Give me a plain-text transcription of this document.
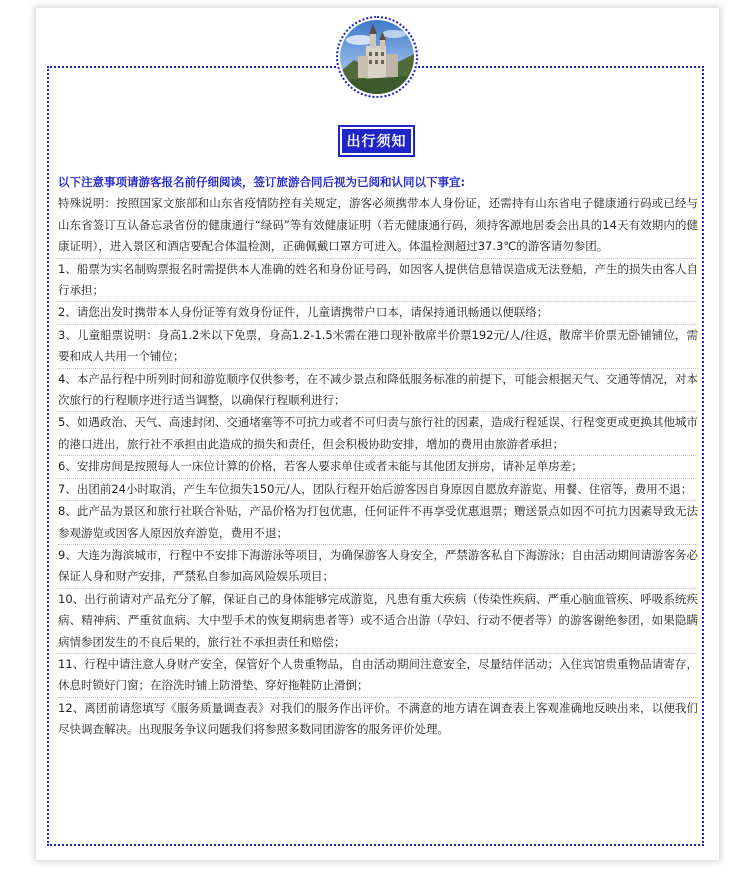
出行须知

以下注意事项请游客报名前仔细阅读，签订旅游合同后视为已阅和认同以下事宜:

特殊说明：按照国家文旅部和山东省疫情防控有关规定，游客必须携带本人身份证，还需持有山东省电子健康通行码或已经与山东省签订互认备忘录省份的健康通行“绿码”等有效健康证明（若无健康通行码，须持客源地居委会出具的14天有效期内的健康证明），进入景区和酒店要配合体温检测，正确佩戴口罩方可进入。体温检测超过37.3℃的游客请勿参团。

1、船票为实名制购票报名时需提供本人准确的姓名和身份证号码，如因客人提供信息错误造成无法登船，产生的损失由客人自行承担；

2、请您出发时携带本人身份证等有效身份证件，儿童请携带户口本，请保持通讯畅通以便联络；

3、儿童船票说明：身高1.2米以下免票，身高1.2-1.5米需在港口现补散席半价票192元/人/往返，散席半价票无卧铺铺位，需要和成人共用一个铺位；

4、本产品行程中所列时间和游览顺序仅供参考，在不减少景点和降低服务标准的前提下，可能会根据天气、交通等情况，对本次旅行的行程顺序进行适当调整，以确保行程顺利进行；

5、如遇政治、天气、高速封闭、交通堵塞等不可抗力或者不可归责与旅行社的因素，造成行程延误、行程变更或更换其他城市的港口进出，旅行社不承担由此造成的损失和责任，但会积极协助安排，增加的费用由旅游者承担；

6、安排房间是按照每人一床位计算的价格，若客人要求单住或者未能与其他团友拼房，请补足单房差；

7、出团前24小时取消，产生车位损失150元/人，团队行程开始后游客因自身原因自愿放弃游览、用餐、住宿等，费用不退；

8、此产品为景区和旅行社联合补贴，产品价格为打包优惠，任何证件不再享受优惠退票；赠送景点如因不可抗力因素导致无法参观游览或因客人原因放弃游览，费用不退；

9、大连为海滨城市，行程中不安排下海游泳等项目，为确保游客人身安全，严禁游客私自下海游泳；自由活动期间请游客务必保证人身和财产安排，严禁私自参加高风险娱乐项目；

10、出行前请对产品充分了解，保证自己的身体能够完成游览，凡患有重大疾病（传染性疾病、严重心脑血管疾、呼吸系统疾病、精神病、严重贫血病、大中型手术的恢复期病患者等）或不适合出游（孕妇、行动不便者等）的游客谢绝参团，如果隐瞒病情参团发生的不良后果的，旅行社不承担责任和赔偿；

11、行程中请注意人身财产安全，保管好个人贵重物品，自由活动期间注意安全，尽量结伴活动；入住宾馆贵重物品请寄存，休息时锁好门窗；在浴洗时铺上防滑垫、穿好拖鞋防止滑倒；

12、离团前请您填写《服务质量调查表》对我们的服务作出评价。不满意的地方请在调查表上客观准确地反映出来，以便我们尽快调查解决。出现服务争议问题我们将参照多数同团游客的服务评价处理。
